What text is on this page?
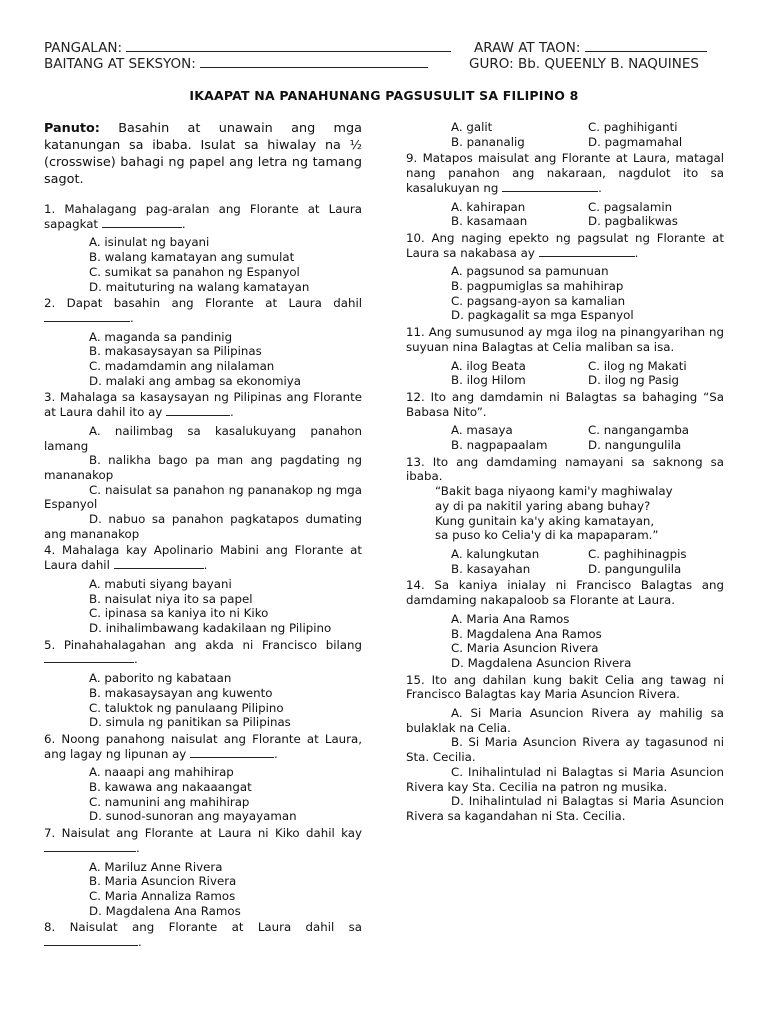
PANGALAN:	ARAW AT TAON:
BAITANG AT SEKSYON:	GURO: Bb. QUEENLY B. NAQUINES
IKAAPAT NA PANAHUNANG PAGSUSULIT SA FILIPINO 8
Panuto: Basahin at unawain ang mga katanungan sa ibaba. Isulat sa hiwalay na ½ (crosswise) bahagi ng papel ang letra ng tamang sagot.
1. Mahalagang pag-aralan ang Florante at Laura sapagkat	.
A. isinulat ng bayani
B. walang kamatayan ang sumulat
C. sumikat sa panahon ng Espanyol
D. maituturing na walang kamatayan
2. Dapat basahin ang Florante at Laura dahil .
A. maganda sa pandinig
B. makasaysayan sa Pilipinas
C. madamdamin ang nilalaman
D. malaki ang ambag sa ekonomiya
3. Mahalaga sa kasaysayan ng Pilipinas ang Florante at Laura dahil ito ay	.
A. nailimbag sa kasalukuyang panahon lamang
B. nalikha bago pa man ang pagdating ng mananakop
C. naisulat sa panahon ng pananakop ng mga Espanyol
D. nabuo sa panahon pagkatapos dumating ang mananakop
4. Mahalaga kay Apolinario Mabini ang Florante at Laura dahil	.
A. mabuti siyang bayani
B. naisulat niya ito sa papel
C. ipinasa sa kaniya ito ni Kiko
D. inihalimbawang kadakilaan ng Pilipino
5. Pinahahalagahan ang akda ni Francisco bilang .
A. paborito ng kabataan
B. makasaysayan ang kuwento
C. taluktok ng panulaang Pilipino
D. simula ng panitikan sa Pilipinas
6. Noong panahong naisulat ang Florante at Laura, ang lagay ng lipunan ay	.
A. naaapi ang mahihirap
B. kawawa ang nakaaangat
C. namunini ang mahihirap
D. sunod-sunoran ang mayayaman
7. Naisulat ang Florante at Laura ni Kiko dahil kay .
A. Mariluz Anne Rivera
B. Maria Asuncion Rivera
C. Maria Annaliza Ramos
D. Magdalena Ana Ramos
8. Naisulat ang Florante at Laura dahil sa .
A. galit	C. paghihiganti
B. pananalig	D. pagmamahal
9. Matapos maisulat ang Florante at Laura, matagal nang panahon ang nakaraan, nagdulot ito sa kasalukuyan ng	.
A. kahirapan	C. pagsalamin
B. kasamaan	D. pagbalikwas
10. Ang naging epekto ng pagsulat ng Florante at Laura sa nakabasa ay	.
A. pagsunod sa pamunuan
B. pagpumiglas sa mahihirap
C. pagsang-ayon sa kamalian
D. pagkagalit sa mga Espanyol
11. Ang sumusunod ay mga ilog na pinangyarihan ng suyuan nina Balagtas at Celia maliban sa isa.
A. ilog Beata	C. ilog ng Makati
B. ilog Hilom	D. ilog ng Pasig
12. Ito ang damdamin ni Balagtas sa bahaging “Sa Babasa Nito”.
A. masaya	C. nangangamba
B. nagpapaalam	D. nangungulila
13. Ito ang damdaming namayani sa saknong sa ibaba.
“Bakit baga niyaong kami'y maghiwalay
ay di pa nakitil yaring abang buhay?
Kung gunitain ka'y aking kamatayan,
sa puso ko Celia'y di ka mapaparam.”
A. kalungkutan	C. paghihinagpis
B. kasayahan	D. pangungulila
14. Sa kaniya inialay ni Francisco Balagtas ang damdaming nakapaloob sa Florante at Laura.
A. Maria Ana Ramos
B. Magdalena Ana Ramos
C. Maria Asuncion Rivera
D. Magdalena Asuncion Rivera
15. Ito ang dahilan kung bakit Celia ang tawag ni Francisco Balagtas kay Maria Asuncion Rivera.
A. Si Maria Asuncion Rivera ay mahilig sa bulaklak na Celia.
B. Si Maria Asuncion Rivera ay tagasunod ni Sta. Cecilia.
C. Inihalintulad ni Balagtas si Maria Asuncion Rivera kay Sta. Cecilia na patron ng musika.
D. Inihalintulad ni Balagtas si Maria Asuncion Rivera sa kagandahan ni Sta. Cecilia.
